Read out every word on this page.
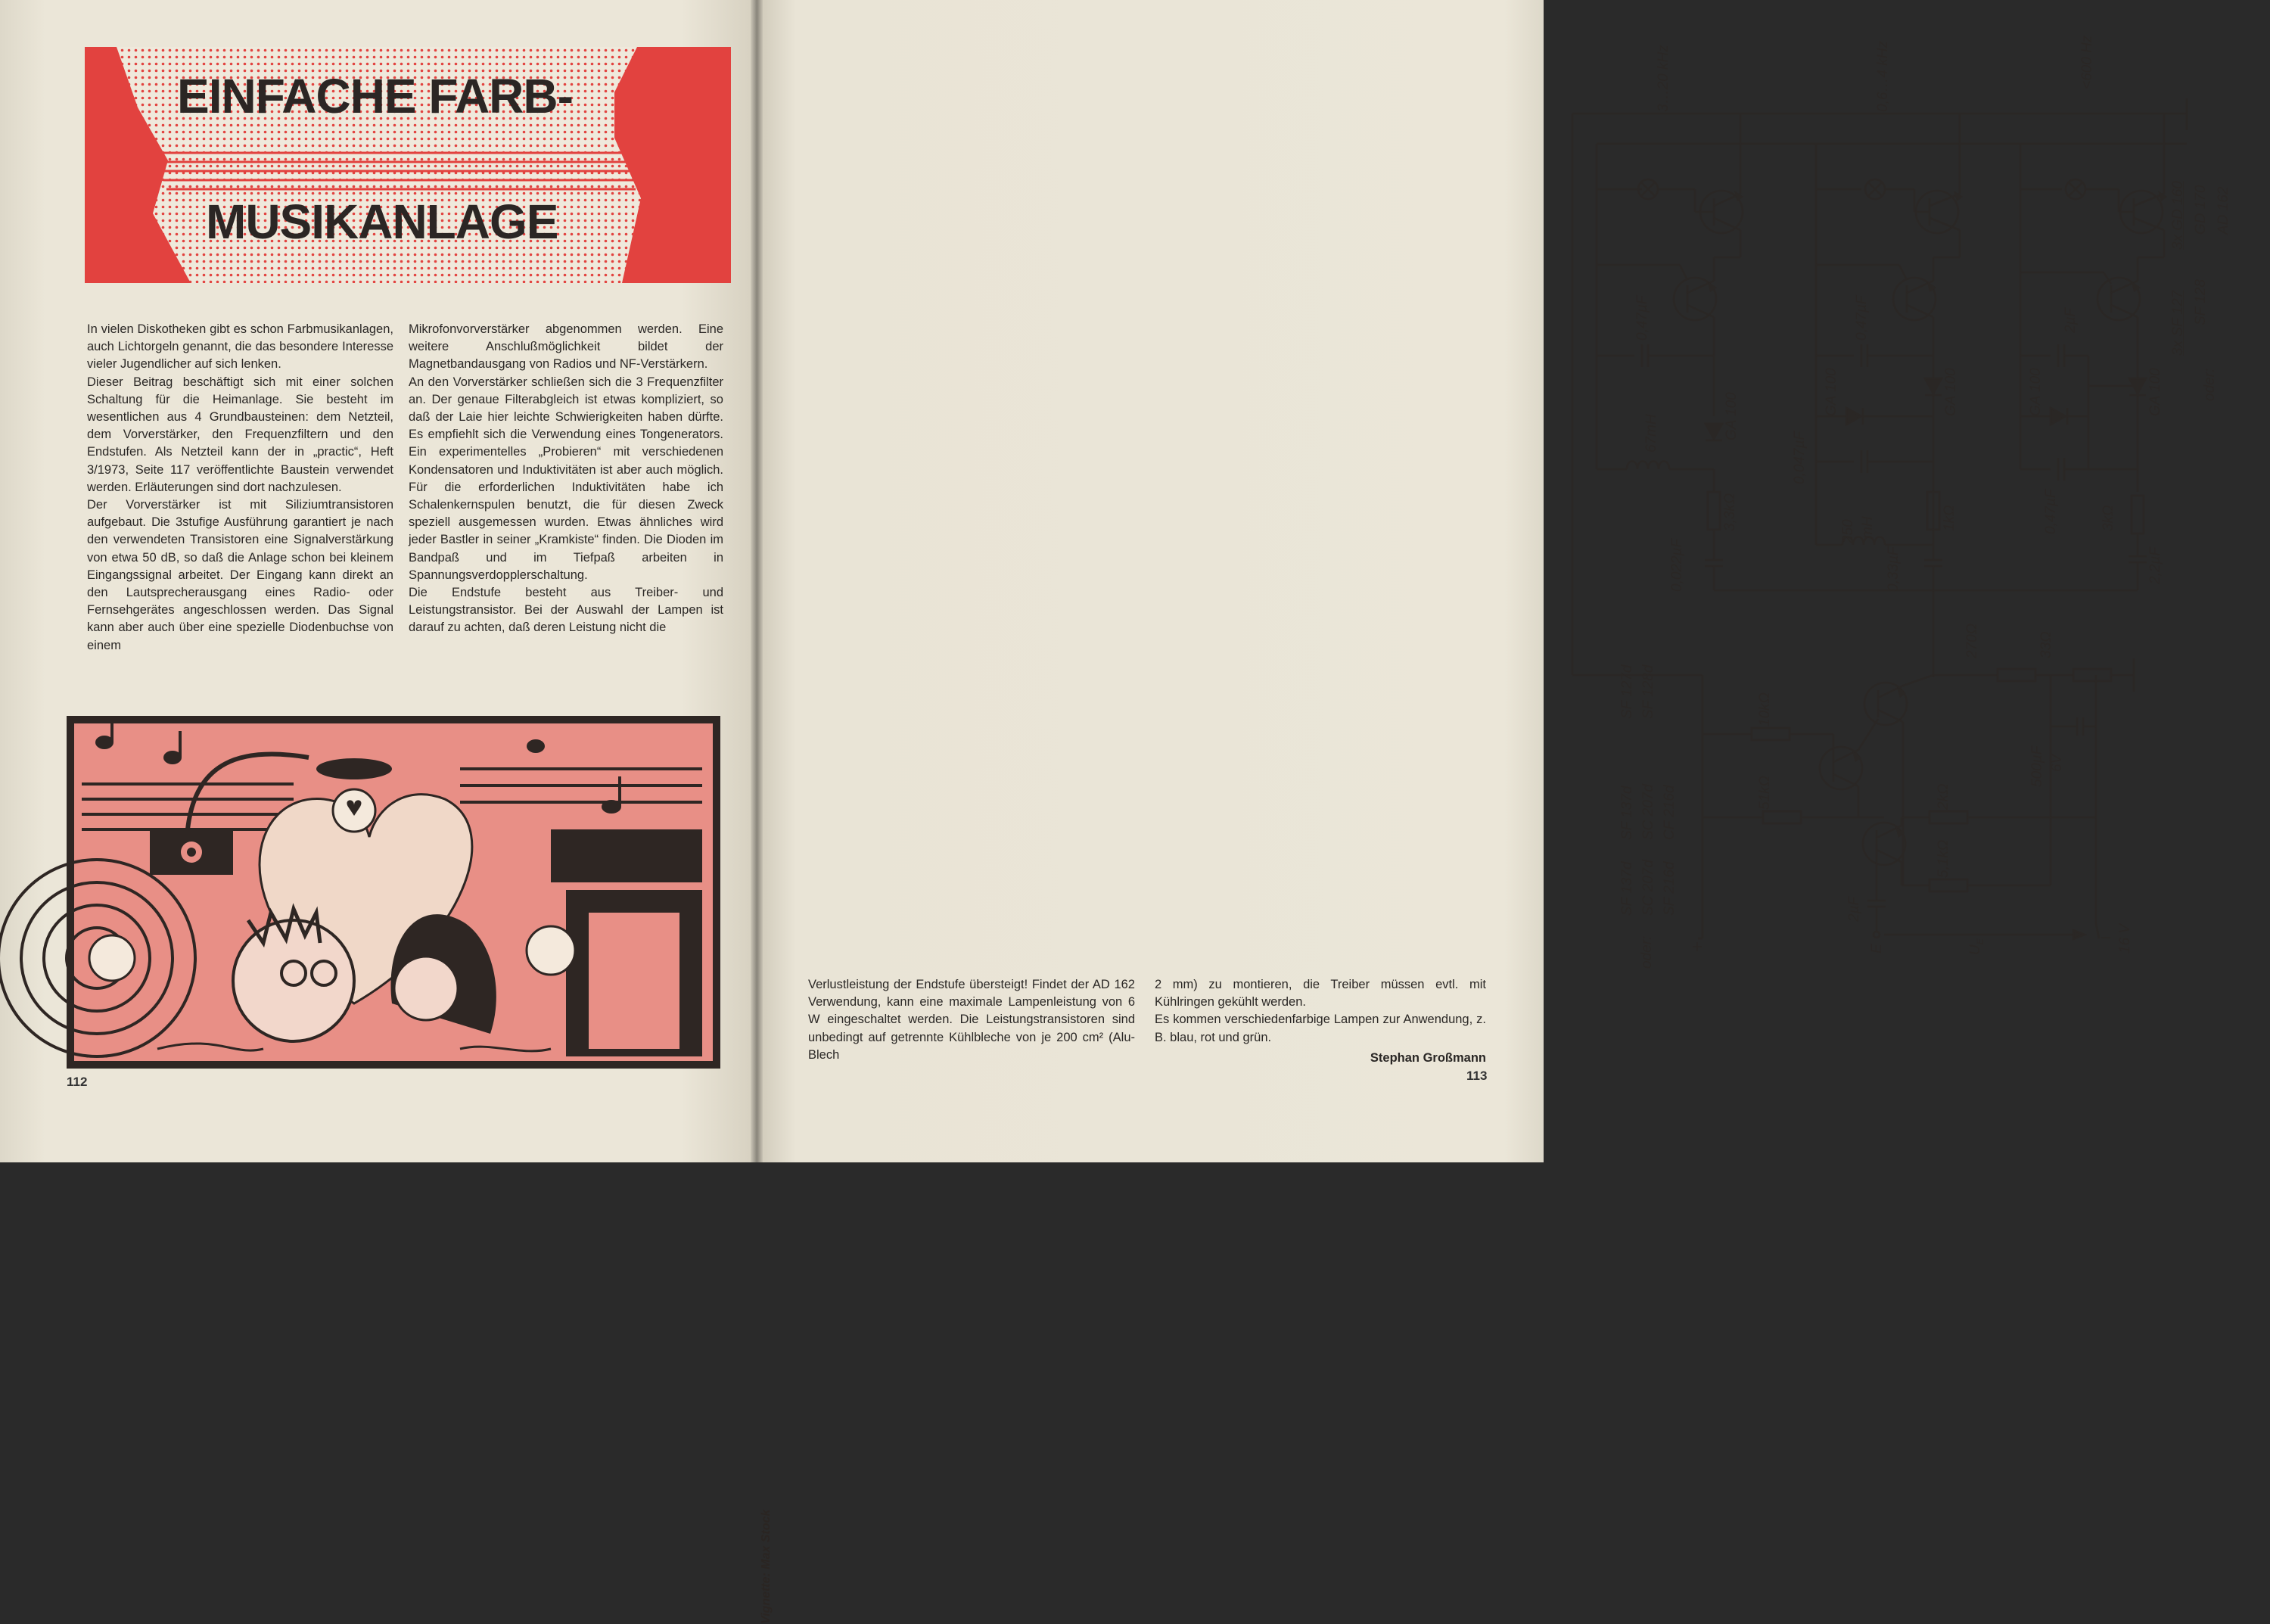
EINFACHE FARB-
MUSIKANLAGE

In vielen Diskotheken gibt es schon Farbmusikanlagen, auch Lichtorgeln genannt, die das besondere Interesse vieler Jugendlicher auf sich lenken.

Dieser Beitrag beschäftigt sich mit einer solchen Schaltung für die Heimanlage. Sie besteht im wesentlichen aus 4 Grundbausteinen: dem Netzteil, dem Vorverstärker, den Frequenzfiltern und den Endstufen. Als Netzteil kann der in „practic“, Heft 3/1973, Seite 117 veröffentlichte Baustein verwendet werden. Erläuterungen sind dort nachzulesen.

Der Vorverstärker ist mit Siliziumtransistoren aufgebaut. Die 3stufige Ausführung garantiert je nach den verwendeten Transistoren eine Signalverstärkung von etwa 50 dB, so daß die Anlage schon bei kleinem Eingangssignal arbeitet. Der Eingang kann direkt an den Lautsprecherausgang eines Radio- oder Fernsehgerätes angeschlossen werden. Das Signal kann aber auch über eine spezielle Diodenbuchse von einem

Mikrofonvorverstärker abgenommen werden. Eine weitere Anschlußmöglichkeit bildet der Magnetbandausgang von Radios und NF-Verstärkern.

An den Vorverstärker schließen sich die 3 Frequenzfilter an. Der genaue Filterabgleich ist etwas kompliziert, so daß der Laie hier leichte Schwierigkeiten haben dürfte. Es empfiehlt sich die Verwendung eines Tongenerators. Ein experimentelles „Probieren“ mit verschiedenen Kondensatoren und Induktivitäten ist aber auch möglich. Für die erforderlichen Induktivitäten habe ich Schalenkernspulen benutzt, die für diesen Zweck speziell ausgemessen wurden. Etwas ähnliches wird jeder Bastler in seiner „Kramkiste“ finden. Die Dioden im Bandpaß und im Tiefpaß arbeiten in Spannungsverdopplerschaltung.

Die Endstufe besteht aus Treiber- und Leistungstransistor. Bei der Auswahl der Lampen ist darauf zu achten, daß deren Leistung nicht die

Vignette: Max Stock
112
3…20 kHz	0,6…4 kHz	<600 Hz
3x GD 160 GD 170 AD 162
3x SF 127 SF 128
oder:
0,47µF
67mH	GA 100
3,3kΩ
0,022µF
0,47µF
GA 100	GA 100
0,047µF
250 mH	1kΩ
0,33µF
2µF
GA 100	GA 100
0,47µF	3kΩ
2,2µF
270Ω	33Ω
10kΩ
51kΩ	2kΩ
5,1kΩ
500µF 6V
2µF
SF 127d SF 128d
SF 137d SC 207d CF 216d
SF 137d SC 207d SF 216d
oder: +	E	$U_E$	− 16 V

Verlustleistung der Endstufe übersteigt! Findet der AD 162 Verwendung, kann eine maximale Lampenleistung von 6 W eingeschaltet werden. Die Leistungstransistoren sind unbedingt auf getrennte Kühlbleche von je 200 cm² (Alu-Blech

2 mm) zu montieren, die Treiber müssen evtl. mit Kühlringen gekühlt werden.

Es kommen verschiedenfarbige Lampen zur Anwendung, z. B. blau, rot und grün.

Stephan Großmann

113
